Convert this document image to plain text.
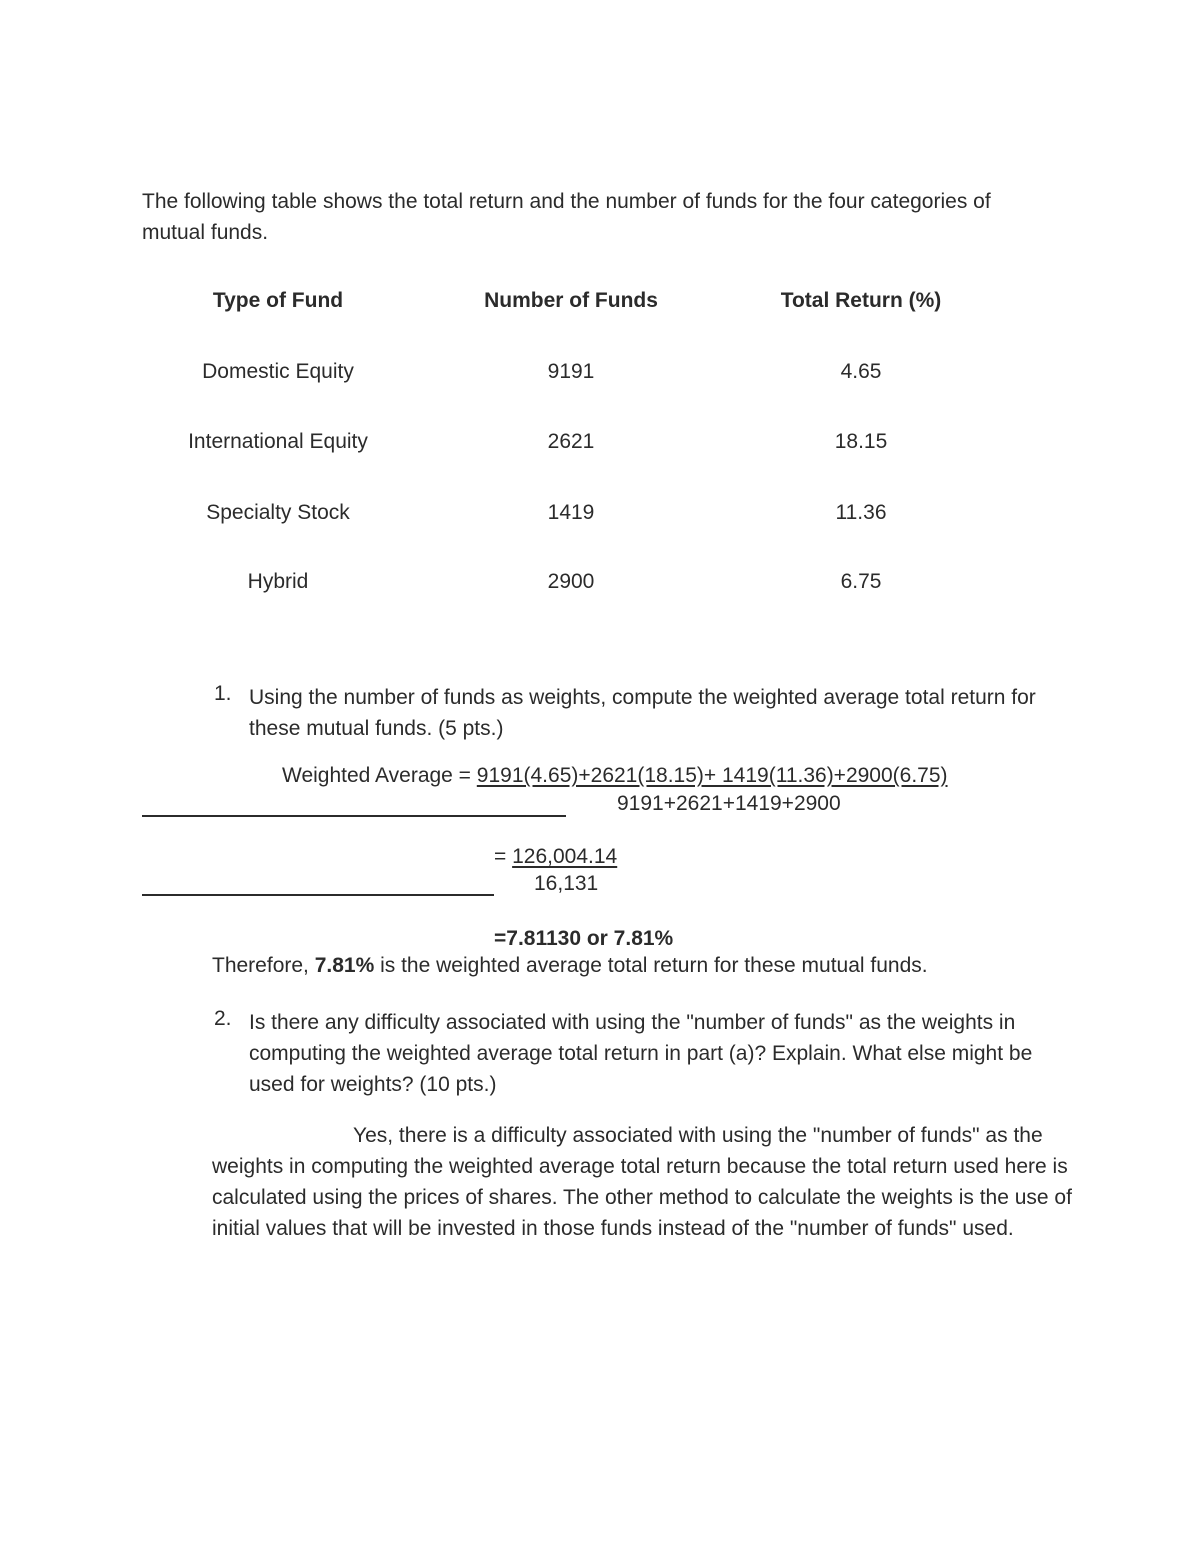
The following table shows the total return and the number of funds for the four categories of mutual funds.
Type of Fund	Number of Funds	Total Return (%)
Domestic Equity	9191	4.65
International Equity	2621	18.15
Specialty Stock	1419	11.36
Hybrid	2900	6.75
1. Using the number of funds as weights, compute the weighted average total return for these mutual funds. (5 pts.)
Weighted Average = 9191(4.65)+2621(18.15)+ 1419(11.36)+2900(6.75)
9191+2621+1419+2900
= 126,004.14
16,131
=7.81130 or 7.81%
Therefore, 7.81% is the weighted average total return for these mutual funds.
2. Is there any difficulty associated with using the "number of funds" as the weights in computing the weighted average total return in part (a)? Explain. What else might be used for weights? (10 pts.)
Yes, there is a difficulty associated with using the "number of funds" as the weights in computing the weighted average total return because the total return used here is calculated using the prices of shares. The other method to calculate the weights is the use of initial values that will be invested in those funds instead of the "number of funds" used.
